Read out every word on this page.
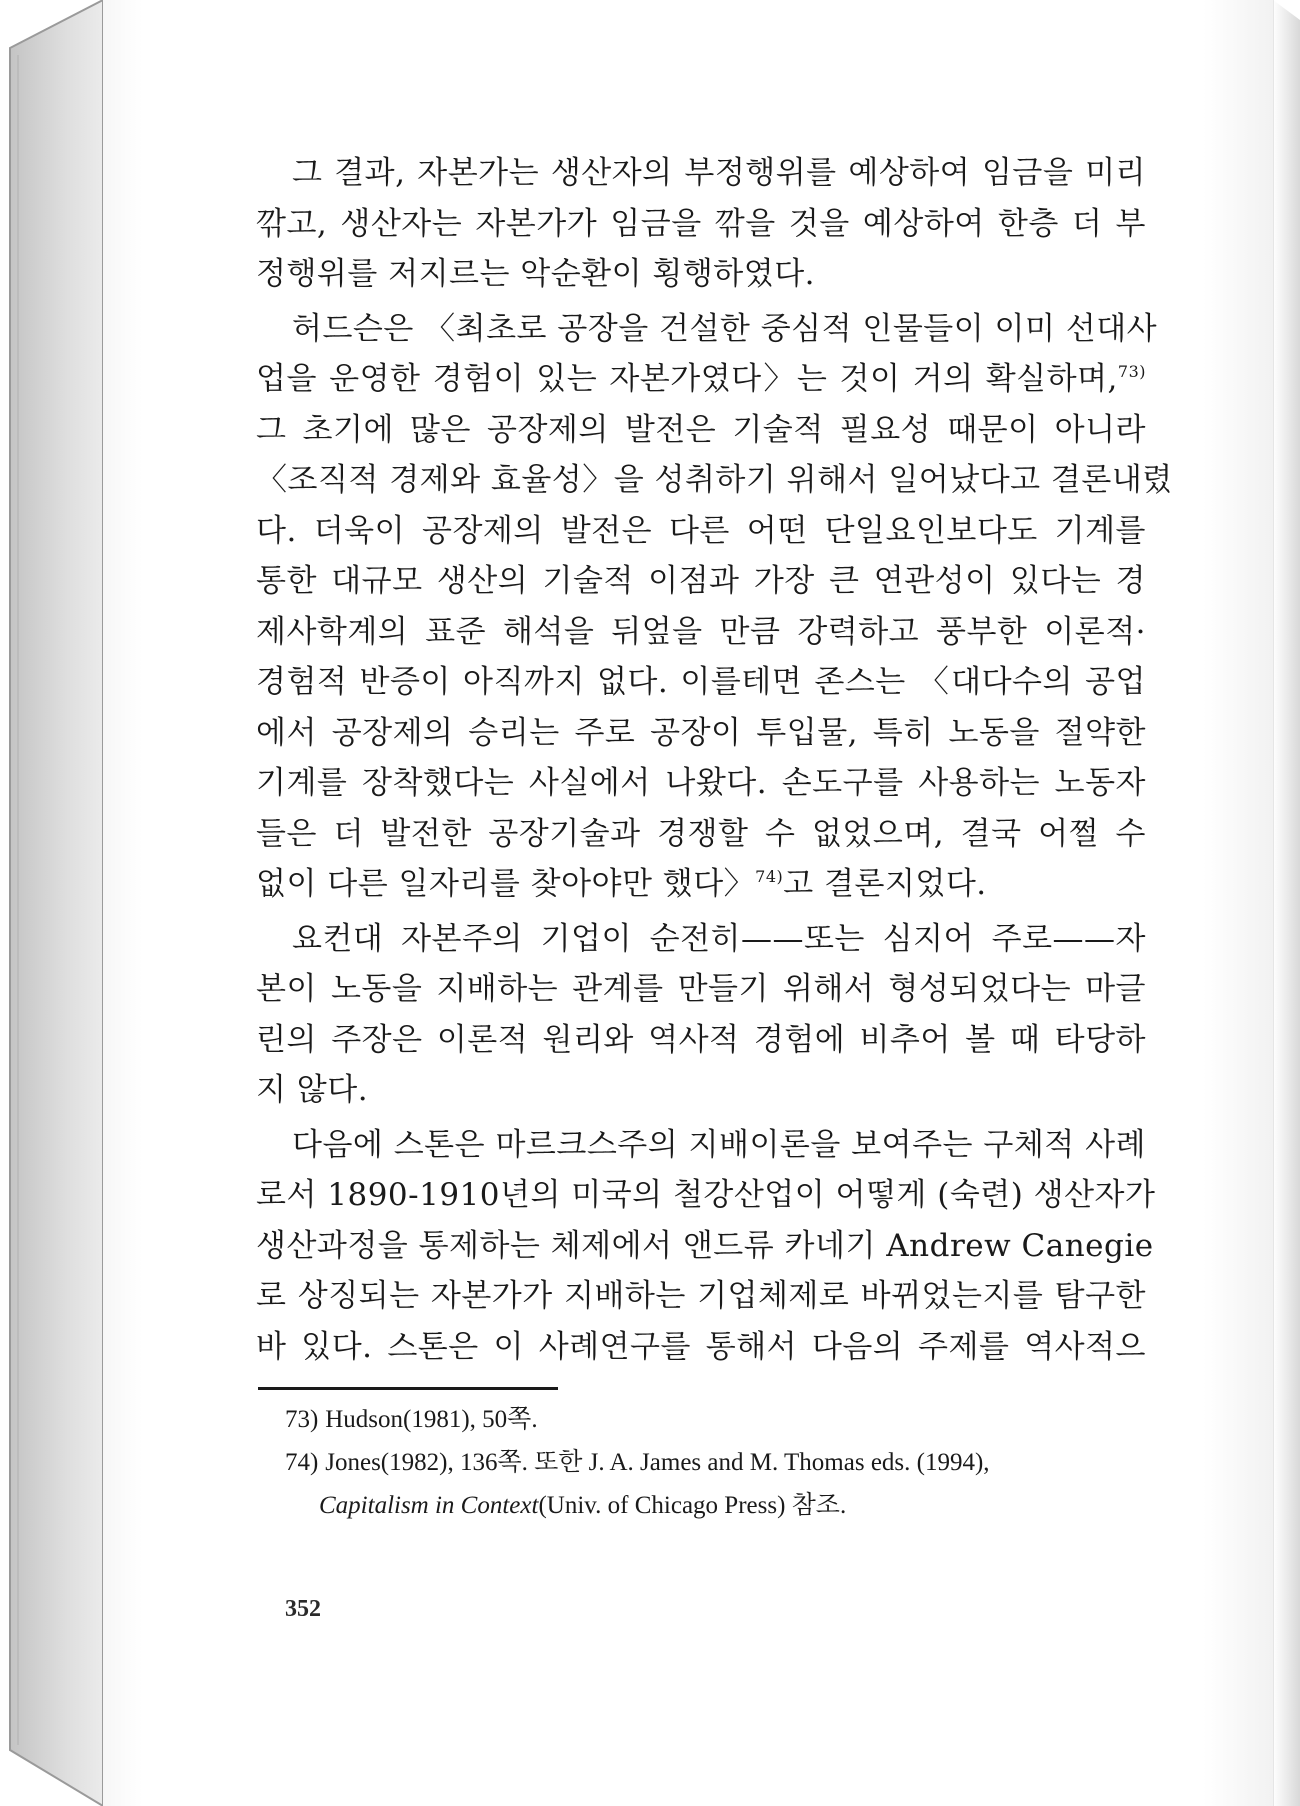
그 결과, 자본가는 생산자의 부정행위를 예상하여 임금을 미리
깎고, 생산자는 자본가가 임금을 깎을 것을 예상하여 한층 더 부
정행위를 저지르는 악순환이 횡행하였다.
허드슨은 〈최초로 공장을 건설한 중심적 인물들이 이미 선대사
업을 운영한 경험이 있는 자본가였다〉는 것이 거의 확실하며,$^{73)}$
그 초기에 많은 공장제의 발전은 기술적 필요성 때문이 아니라
〈조직적 경제와 효율성〉을 성취하기 위해서 일어났다고 결론내렸
다. 더욱이 공장제의 발전은 다른 어떤 단일요인보다도 기계를
통한 대규모 생산의 기술적 이점과 가장 큰 연관성이 있다는 경
제사학계의 표준 해석을 뒤엎을 만큼 강력하고 풍부한 이론적·
경험적 반증이 아직까지 없다. 이를테면 존스는 〈대다수의 공업
에서 공장제의 승리는 주로 공장이 투입물, 특히 노동을 절약한
기계를 장착했다는 사실에서 나왔다. 손도구를 사용하는 노동자
들은 더 발전한 공장기술과 경쟁할 수 없었으며, 결국 어쩔 수
없이 다른 일자리를 찾아야만 했다〉$^{74)}$고 결론지었다.
요컨대 자본주의 기업이 순전히——또는 심지어 주로——자
본이 노동을 지배하는 관계를 만들기 위해서 형성되었다는 마글
린의 주장은 이론적 원리와 역사적 경험에 비추어 볼 때 타당하
지 않다.
다음에 스톤은 마르크스주의 지배이론을 보여주는 구체적 사례
로서 1890-1910년의 미국의 철강산업이 어떻게 (숙련) 생산자가
생산과정을 통제하는 체제에서 앤드류 카네기 Andrew Canegie
로 상징되는 자본가가 지배하는 기업체제로 바뀌었는지를 탐구한
바 있다. 스톤은 이 사례연구를 통해서 다음의 주제를 역사적으
73) Hudson(1981), 50쪽.
74) Jones(1982), 136쪽. 또한 J. A. James and M. Thomas eds. (1994),
Capitalism in Context(Univ. of Chicago Press) 참조.
352
